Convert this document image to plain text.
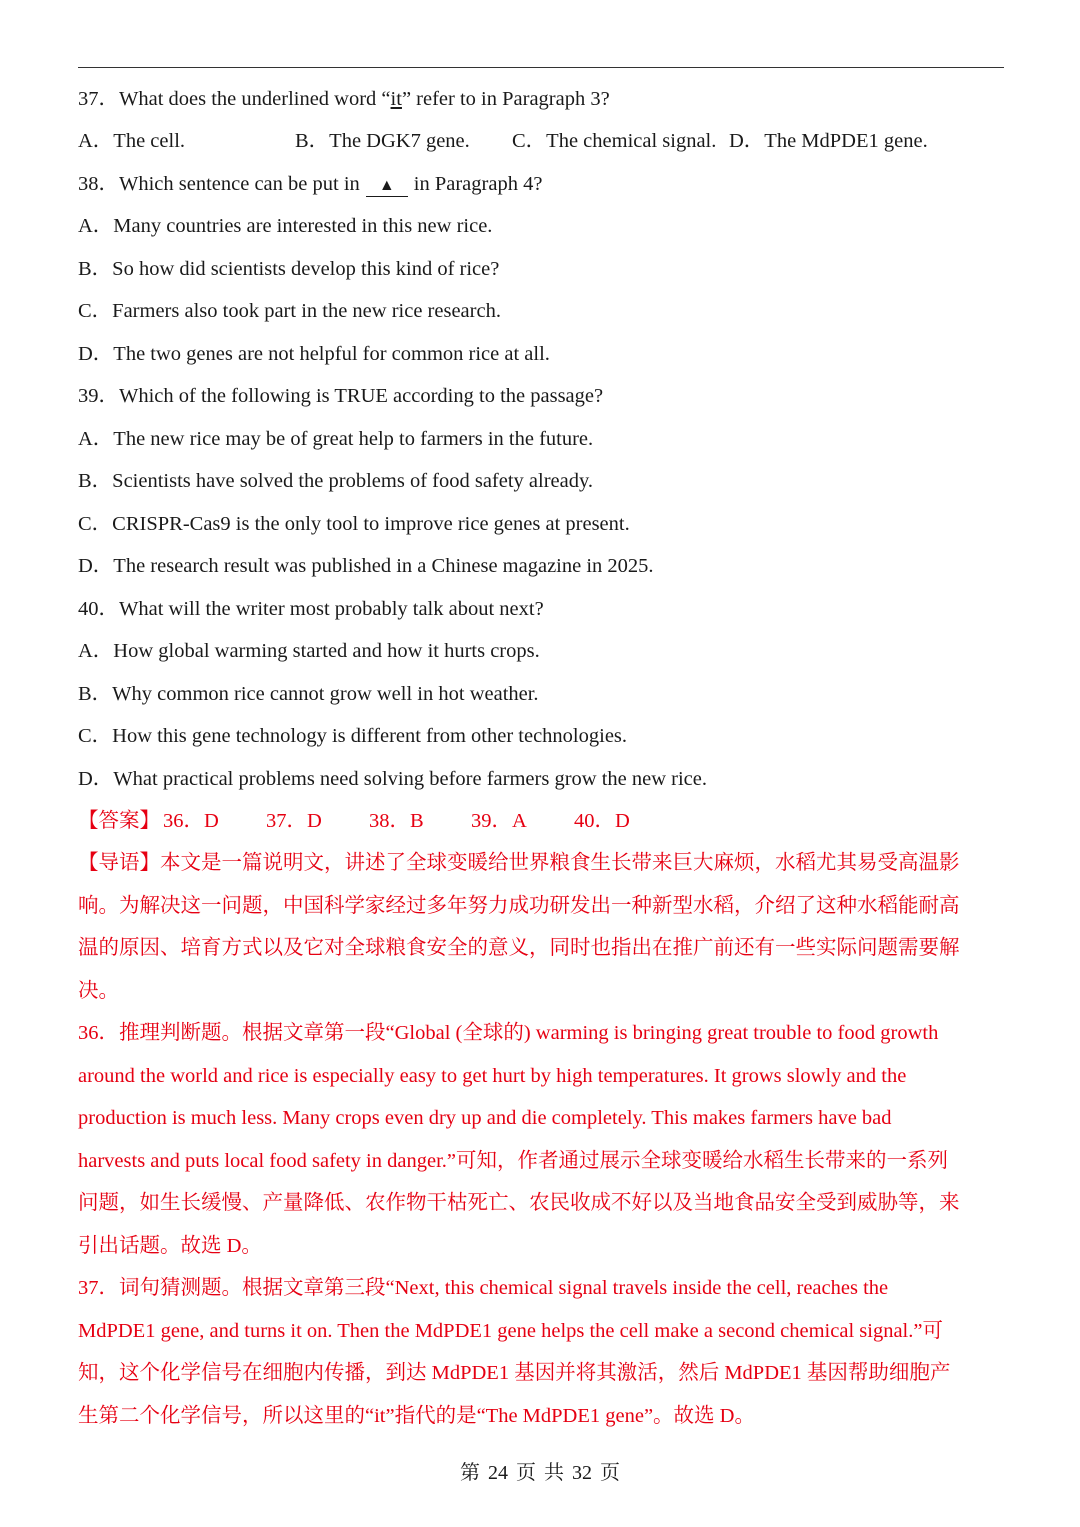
37．What does the underlined word “it” refer to in Paragraph 3?
A．The cell.	B．The DGK7 gene. C．The chemical signal. D．The MdPDE1 gene.
38．Which sentence can be put in ▲ in Paragraph 4?
A．Many countries are interested in this new rice.
B．So how did scientists develop this kind of rice?
C．Farmers also took part in the new rice research.
D．The two genes are not helpful for common rice at all.
39．Which of the following is TRUE according to the passage?
A．The new rice may be of great help to farmers in the future.
B．Scientists have solved the problems of food safety already.
C．CRISPR-Cas9 is the only tool to improve rice genes at present.
D．The research result was published in a Chinese magazine in 2025.
40．What will the writer most probably talk about next?
A．How global warming started and how it hurts crops.
B．Why common rice cannot grow well in hot weather.
C．How this gene technology is different from other technologies.
D．What practical problems need solving before farmers grow the new rice.
【答案】 36．D 37．D 38．B 39．A 40．D
【导语】本文是一篇说明文，讲述了全球变暖给世界粮食生长带来巨大麻烦，水稻尤其易受高温影
响。为解决这一问题，中国科学家经过多年努力成功研发出一种新型水稻，介绍了这种水稻能耐高
温的原因、培育方式以及它对全球粮食安全的意义，同时也指出在推广前还有一些实际问题需要解
决。
36．推理判断题。根据文章第一段“Global (全球的) warming is bringing great trouble to food growth
around the world and rice is especially easy to get hurt by high temperatures. It grows slowly and the
production is much less. Many crops even dry up and die completely. This makes farmers have bad
harvests and puts local food safety in danger.”可知，作者通过展示全球变暖给水稻生长带来的一系列
问题，如生长缓慢、产量降低、农作物干枯死亡、农民收成不好以及当地食品安全受到威胁等，来
引出话题。故选 D。
37．词句猜测题。根据文章第三段“Next, this chemical signal travels inside the cell, reaches the
MdPDE1 gene, and turns it on. Then the MdPDE1 gene helps the cell make a second chemical signal.”可
知，这个化学信号在细胞内传播，到达 MdPDE1 基因并将其激活，然后 MdPDE1 基因帮助细胞产
生第二个化学信号，所以这里的“it”指代的是“The MdPDE1 gene”。故选 D。
第 24 页 共 32 页
